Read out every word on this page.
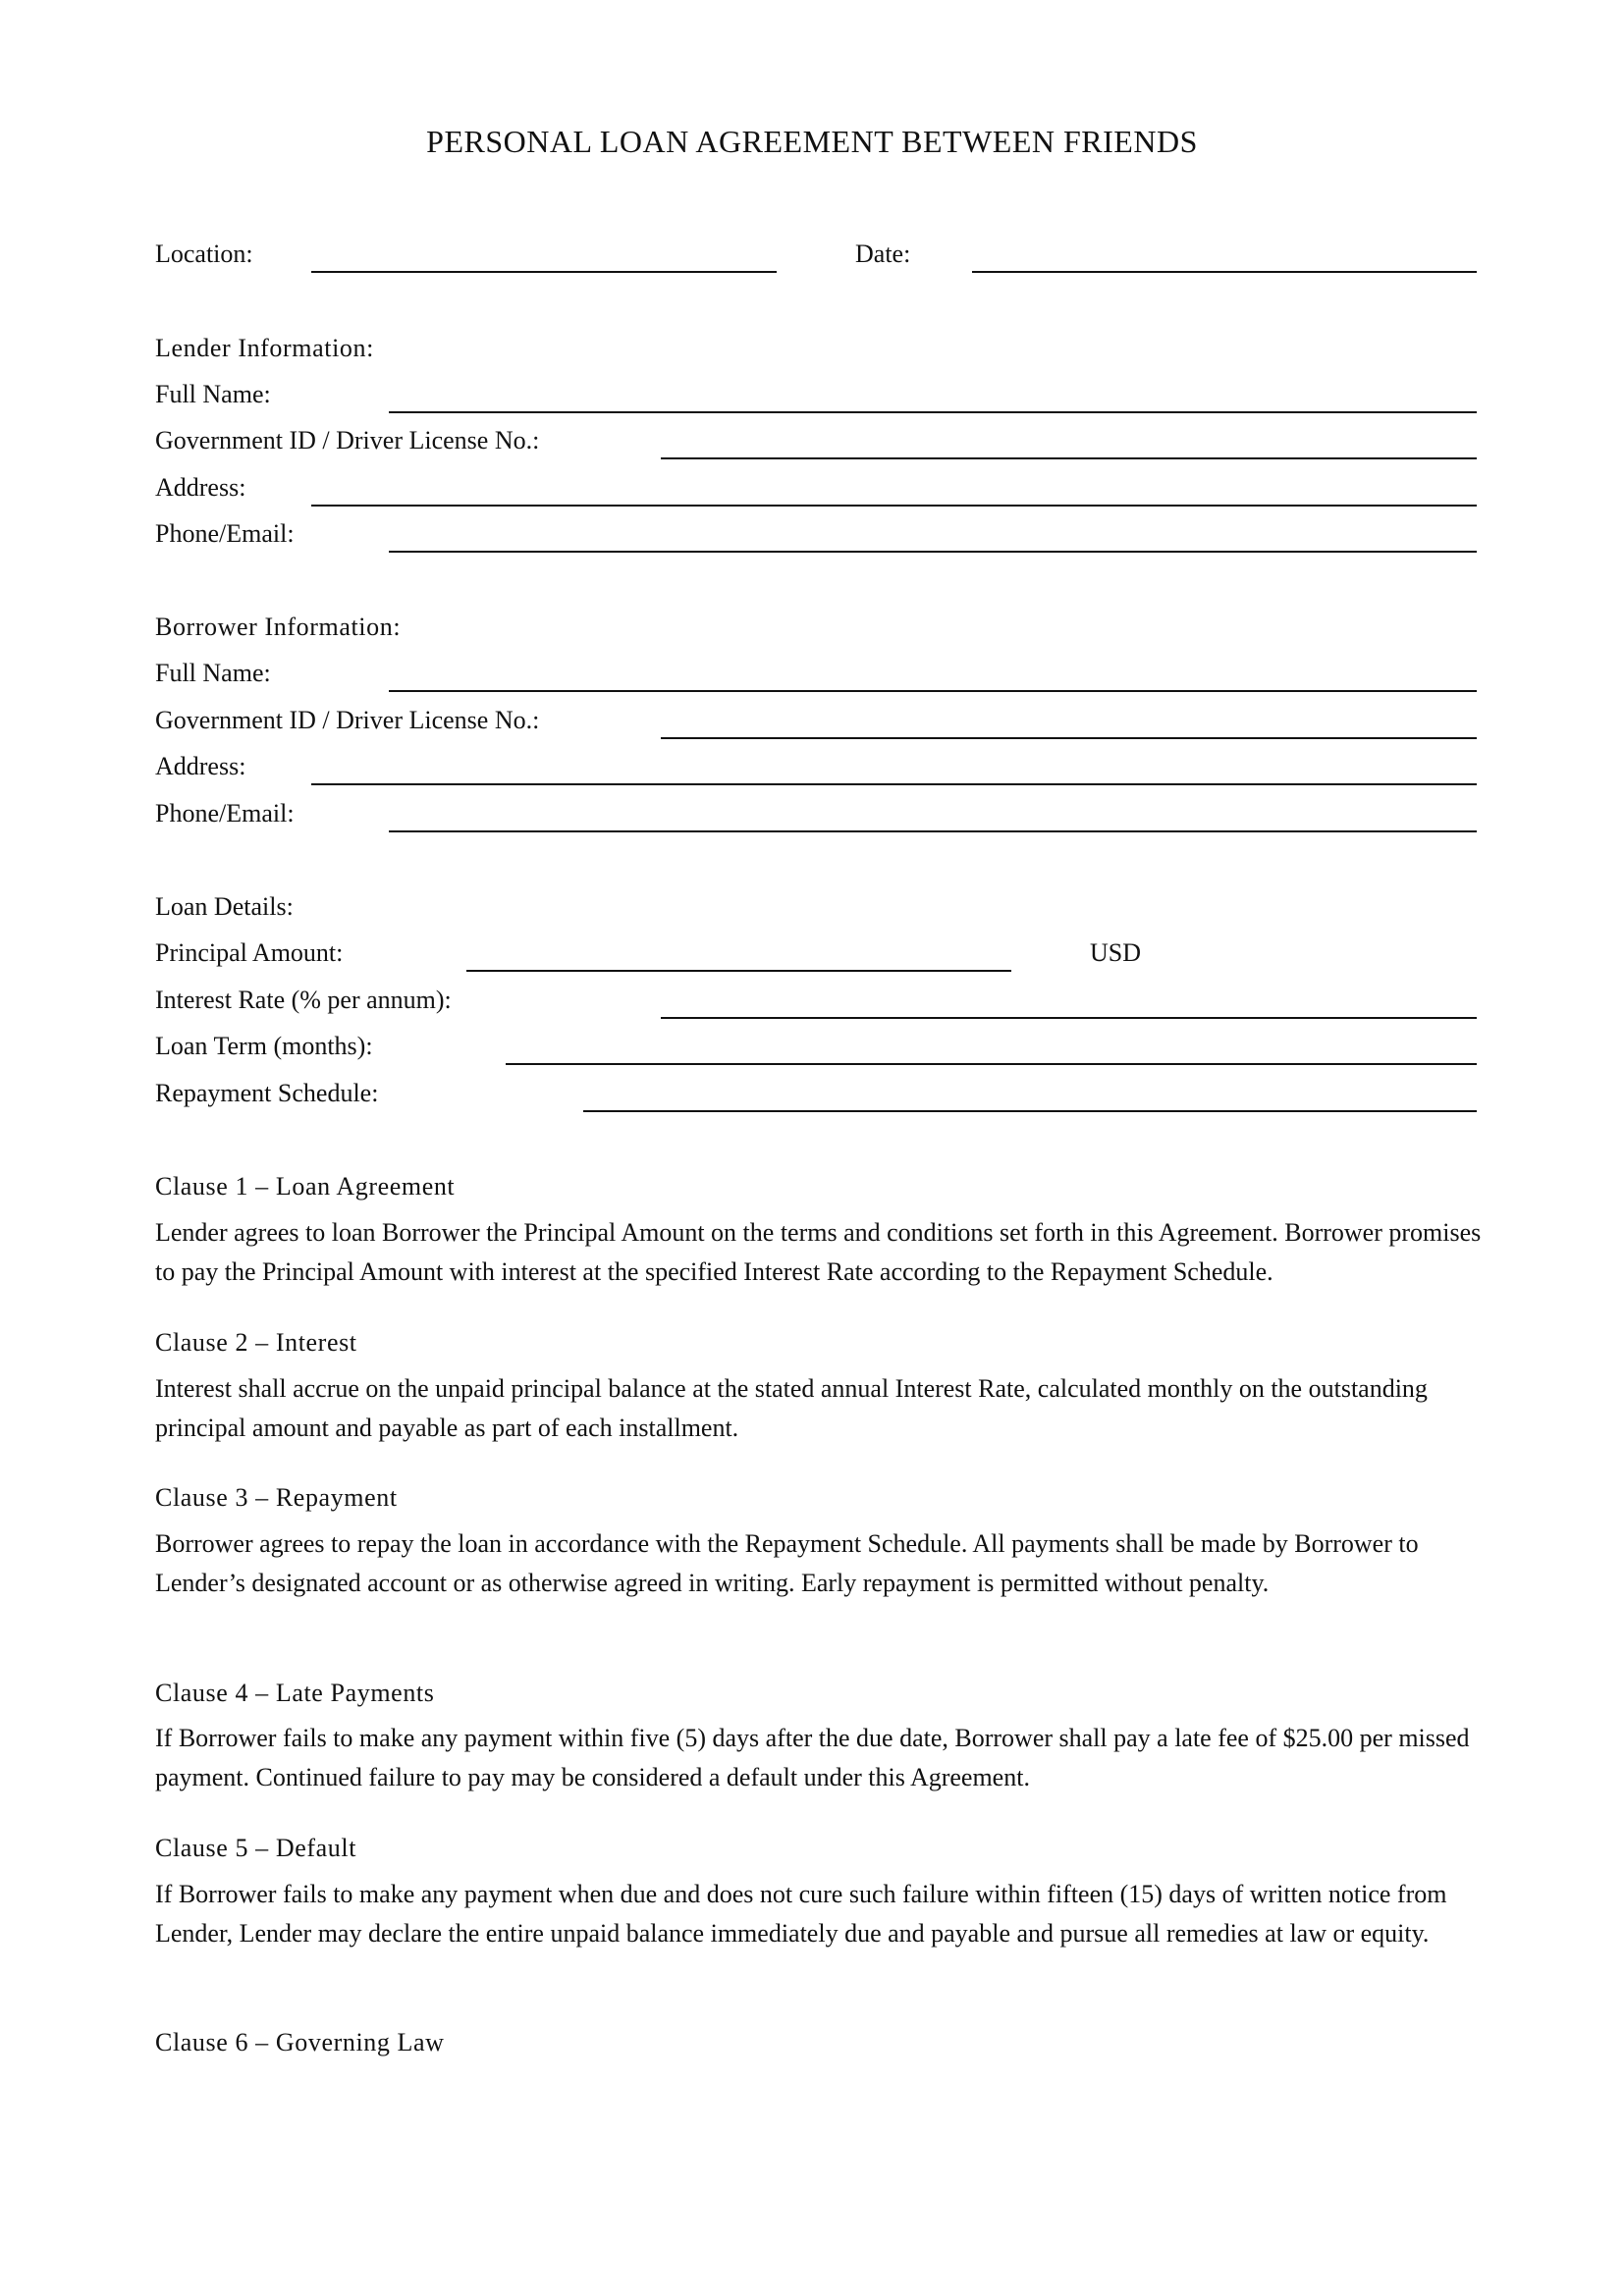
PERSONAL LOAN AGREEMENT BETWEEN FRIENDS
Location:	Date:
Lender Information:
Full Name:
Government ID / Driver License No.:
Address:
Phone/Email:
Borrower Information:
Full Name:
Government ID / Driver License No.:
Address:
Phone/Email:
Loan Details:
Principal Amount:	USD
Interest Rate (% per annum):
Loan Term (months):
Repayment Schedule:
Clause 1 – Loan Agreement
Lender agrees to loan Borrower the Principal Amount on the terms and conditions set forth in this Agreement. Borrower promises to pay the Principal Amount with interest at the specified Interest Rate according to the Repayment Schedule.
Clause 2 – Interest
Interest shall accrue on the unpaid principal balance at the stated annual Interest Rate, calculated monthly on the outstanding principal amount and payable as part of each installment.
Clause 3 – Repayment
Borrower agrees to repay the loan in accordance with the Repayment Schedule. All payments shall be made by Borrower to Lender’s designated account or as otherwise agreed in writing. Early repayment is permitted without penalty.
Clause 4 – Late Payments
If Borrower fails to make any payment within five (5) days after the due date, Borrower shall pay a late fee of $25.00 per missed payment. Continued failure to pay may be considered a default under this Agreement.
Clause 5 – Default
If Borrower fails to make any payment when due and does not cure such failure within fifteen (15) days of written notice from Lender, Lender may declare the entire unpaid balance immediately due and payable and pursue all remedies at law or equity.
Clause 6 – Governing Law
